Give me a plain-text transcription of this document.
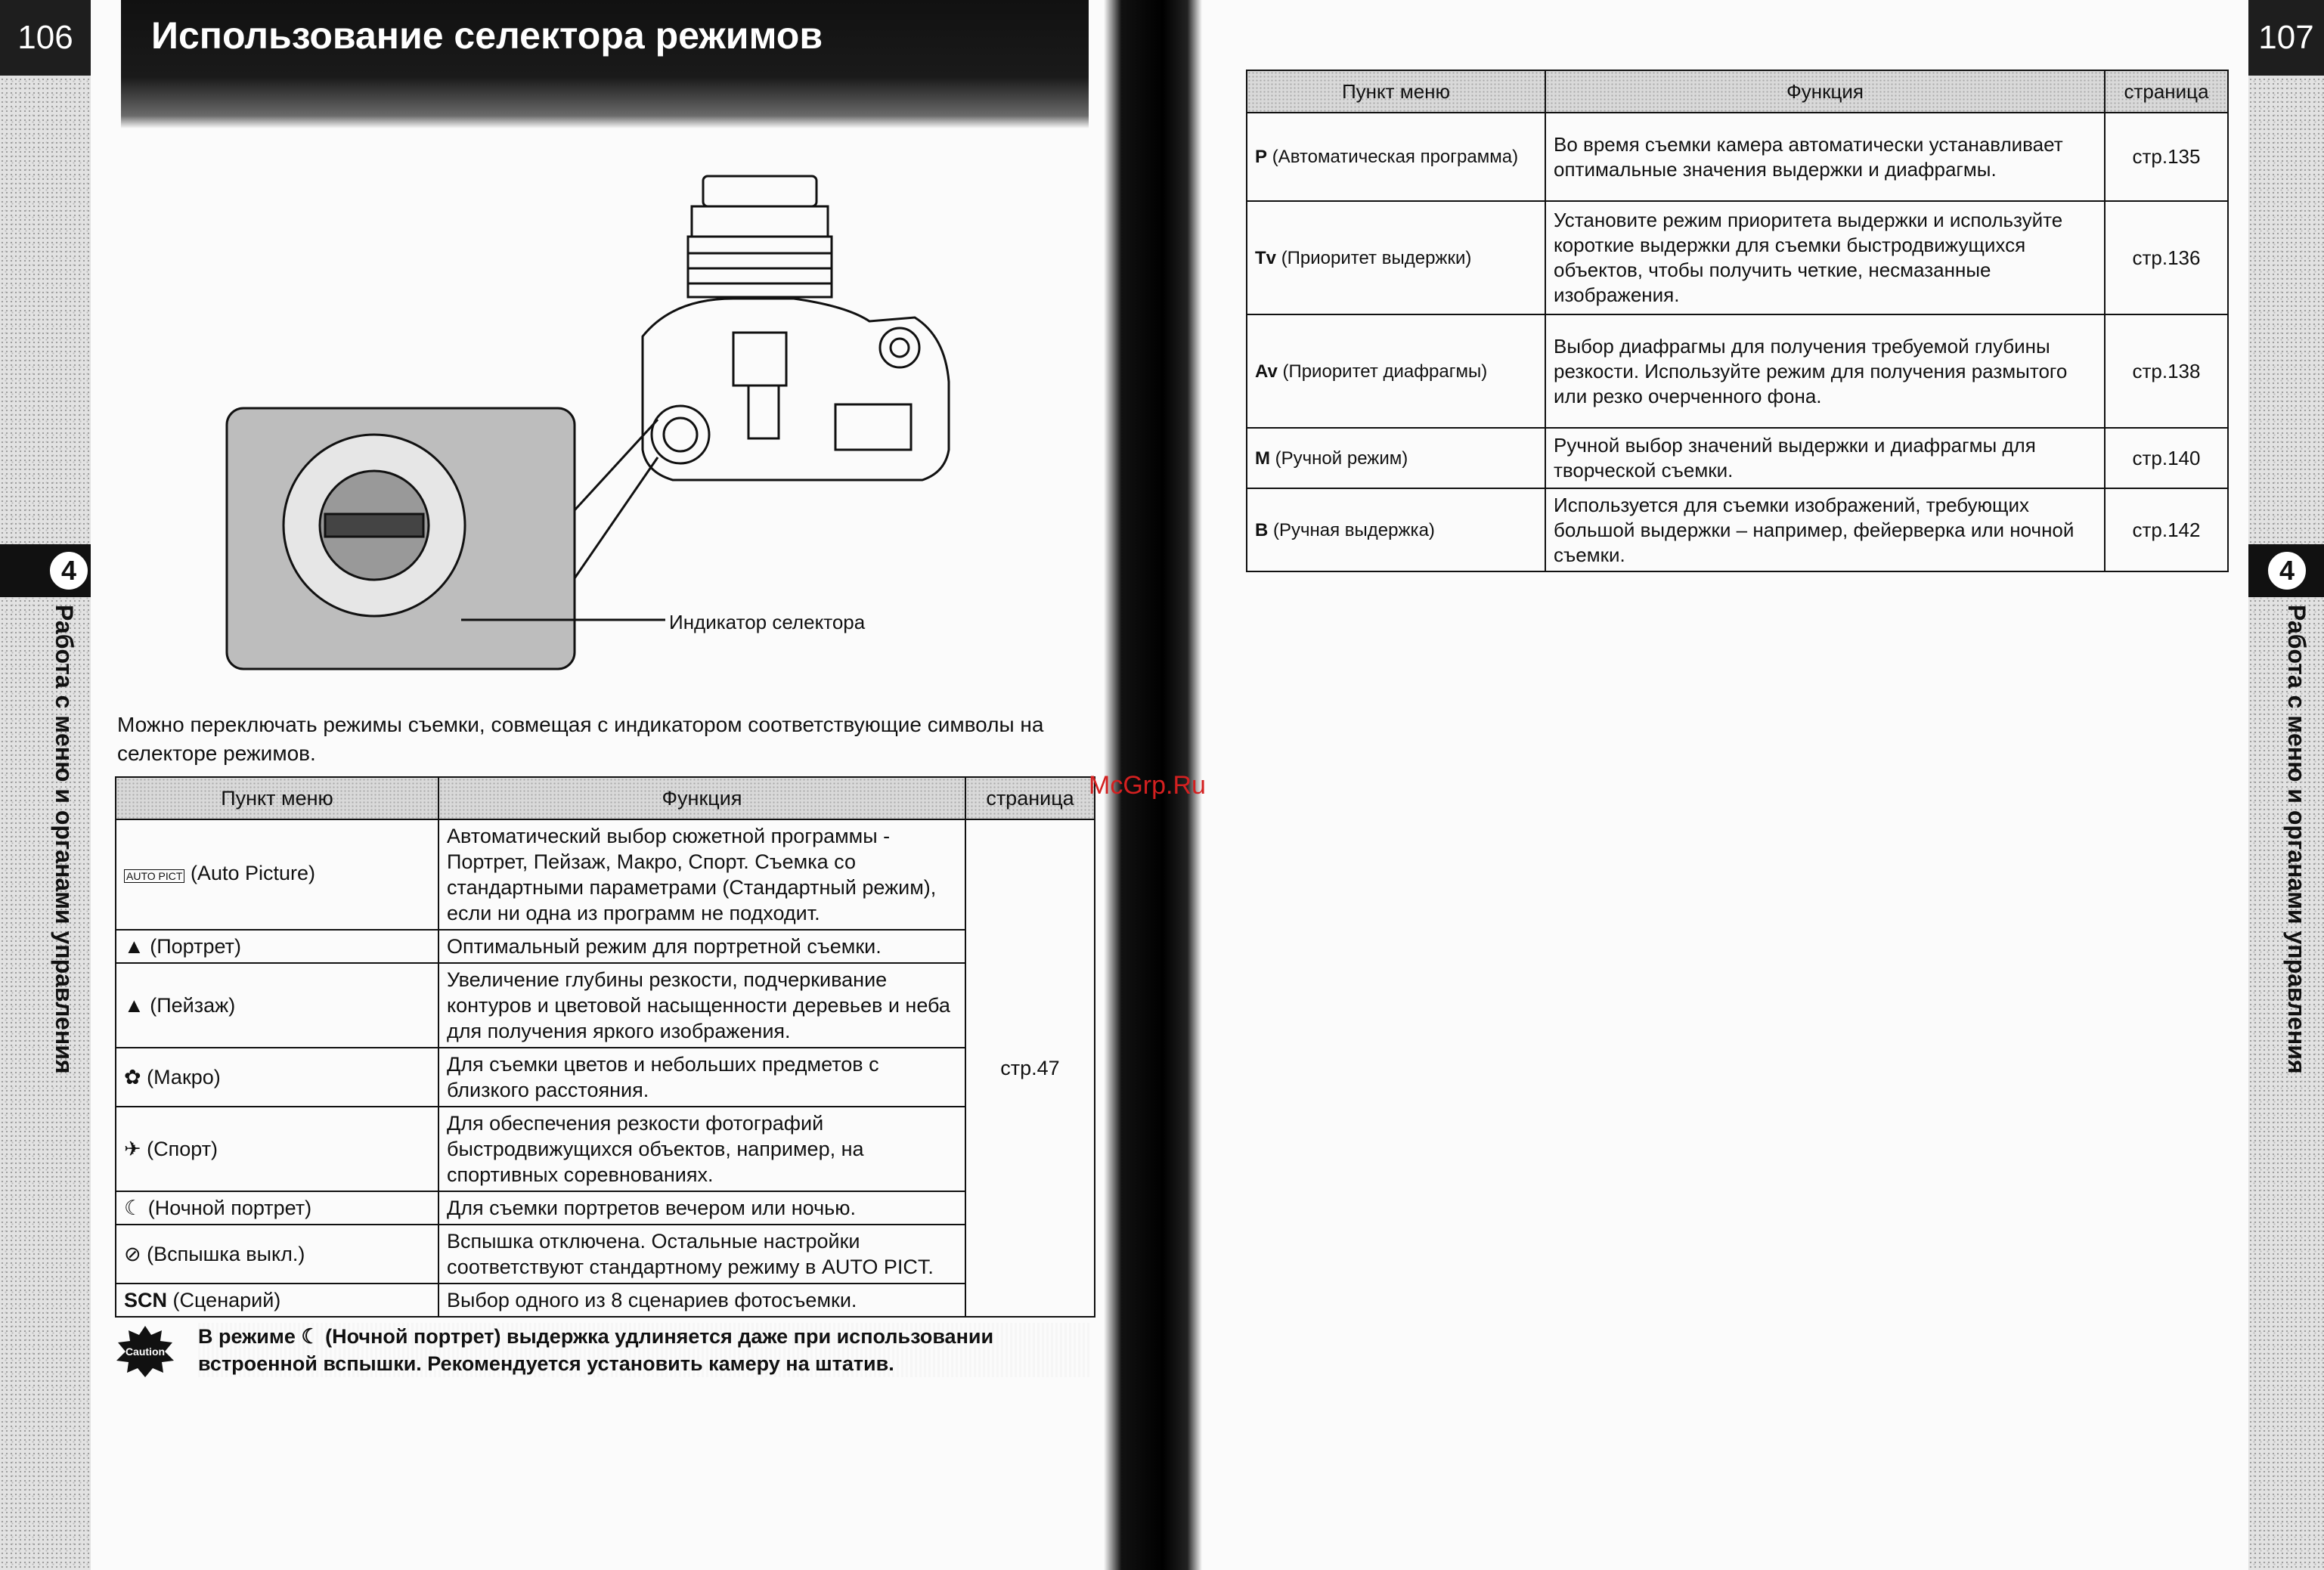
106	107
4
Работа с меню и органами управления
4
Работа с меню и органами управления
Использование селектора режимов
Индикатор селектора
Можно переключать режимы съемки, совмещая с индикатором соответствующие символы на селекторе режимов.
Пункт меню	Функция	страница
AUTO PICT (Auto Picture)	Автоматический выбор сюжетной программы - Портрет, Пейзаж, Макро, Спорт. Съемка со стандартными параметрами (Стандартный режим), если ни одна из программ не подходит.	стр.47
▲ (Портрет)	Оптимальный режим для портретной съемки.	
▲ (Пейзаж)	Увеличение глубины резкости, подчеркивание контуров и цветовой насыщенности деревьев и неба для получения яркого изображения.	
✿ (Макро)	Для съемки цветов и небольших предметов с близкого расстояния.	
✈ (Спорт)	Для обеспечения резкости фотографий быстродвижущихся объектов, например, на спортивных соревнованиях.	
☾ (Ночной портрет)	Для съемки портретов вечером или ночью.	
⊘ (Вспышка выкл.)	Вспышка отключена. Остальные настройки соответствуют стандартному режиму в AUTO PICT.	
SCN (Сценарий)	Выбор одного из 8 сценариев фотосъемки.	
Caution
В режиме ☾ (Ночной портрет) выдержка удлиняется даже при использовании встроенной вспышки. Рекомендуется установить камеру на штатив.
McGrp.Ru
Пункт меню	Функция	страница
P (Автоматическая программа)	Во время съемки камера автоматически устанавливает оптимальные значения выдержки и диафрагмы.	стр.135
Tv (Приоритет выдержки)	Установите режим приоритета выдержки и используйте короткие выдержки для съемки быстродвижущихся объектов, чтобы получить четкие, несмазанные изображения.	стр.136
Av (Приоритет диафрагмы)	Выбор диафрагмы для получения требуемой глубины резкости. Используйте режим для получения размытого или резко очерченного фона.	стр.138
M (Ручной режим)	Ручной выбор значений выдержки и диафрагмы для творческой съемки.	стр.140
B (Ручная выдержка)	Используется для съемки изображений, требующих большой выдержки – например, фейерверка или ночной съемки.	стр.142
